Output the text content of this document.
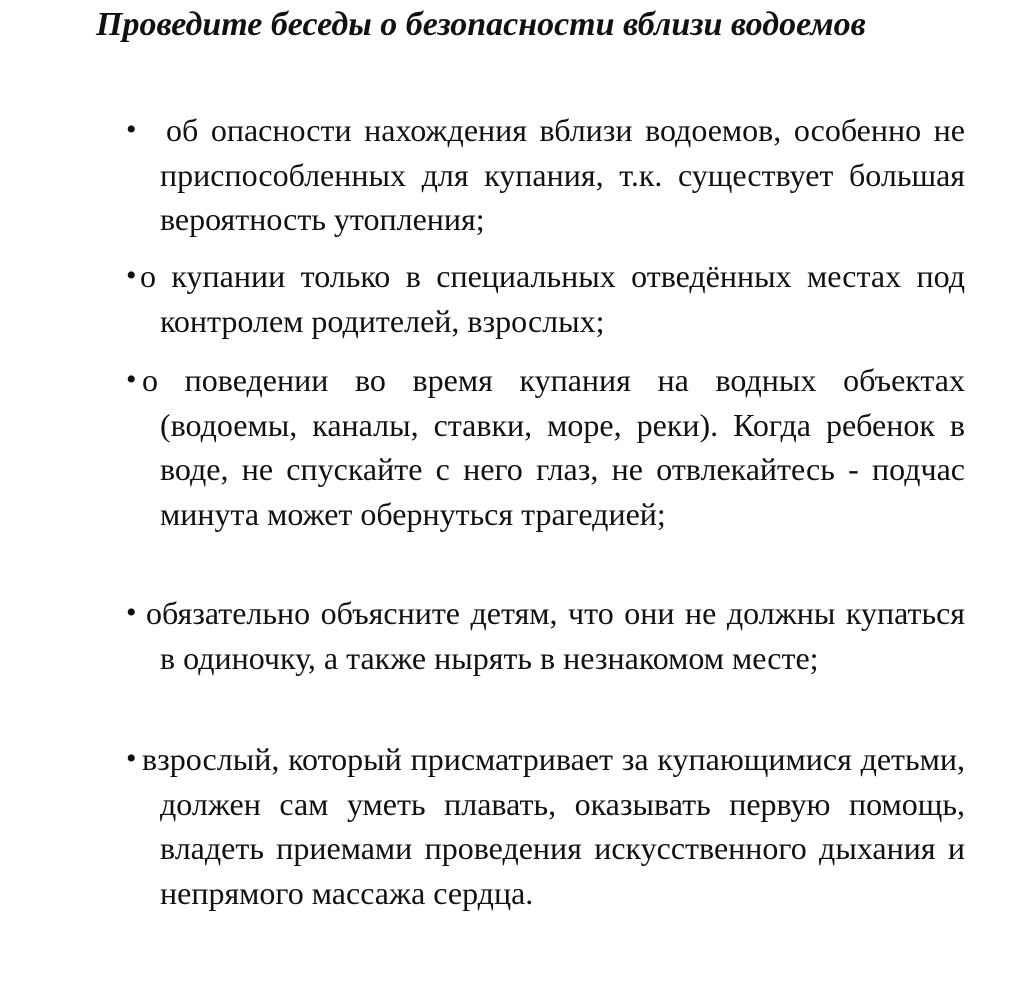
Проведите беседы о безопасности вблизи водоемов
• об опасности нахождения вблизи водоемов, особенно не приспособленных для купания, т.к. существует большая вероятность утопления;
• о купании только в специальных отведённых местах под контролем родителей, взрослых;
• о поведении во время купания на водных объектах (водоемы, каналы, ставки, море, реки). Когда ребенок в воде, не спускайте с него глаз, не отвлекайтесь - подчас минута может обернуться трагедией;
• обязательно объясните детям, что они не должны купаться в одиночку, а также нырять в незнакомом месте;
• взрослый, который присматривает за купающимися детьми, должен сам уметь плавать, оказывать первую помощь, владеть приемами проведения искусственного дыхания и непрямого массажа сердца.
